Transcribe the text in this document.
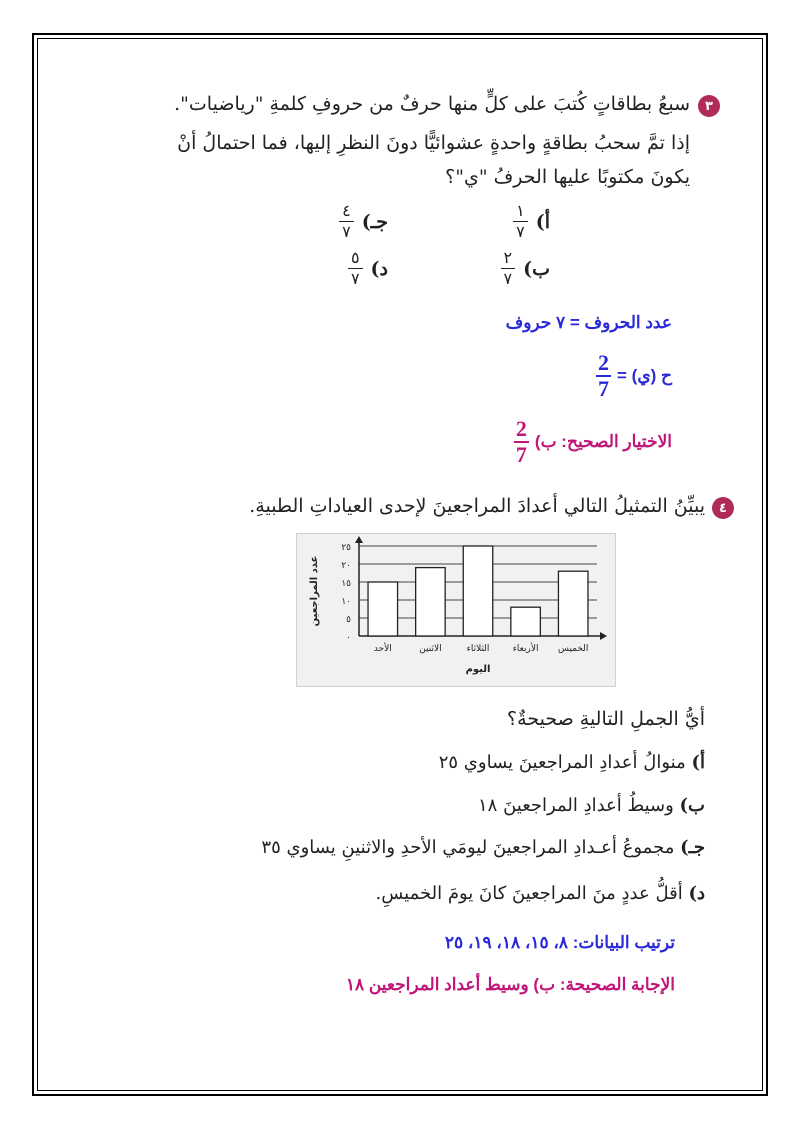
٣
سبعُ بطاقاتٍ كُتبَ على كلٍّ منها حرفٌ من حروفِ كلمةِ "رياضيات".
إذا تمَّ سحبُ بطاقةٍ واحدةٍ عشوائيًّا دونَ النظرِ إليها، فما احتمالُ أنْ
يكونَ مكتوبًا عليها الحرفُ "ي"؟
أ)
$\frac{١}{٧}$
جـ)
$\frac{٤}{٧}$
ب)
$\frac{٢}{٧}$
د)
$\frac{٥}{٧}$
عدد الحروف = ٧ حروف
ح (ي) =
$\frac{2}{7}$
الاختيار الصحيح: ب)
$\frac{2}{7}$
٤
يبيِّنُ التمثيلُ التالي أعدادَ المراجعينَ لإحدى العياداتِ الطبيةِ.
٠
٥
١٠
١٥
٢٠
٢٥
الأحد	الاثنين	الثلاثاء	الأربعاء الخميس
اليوم
عدد المراجعين
أيُّ الجملِ التاليةِ صحيحةٌ؟
أ) منوالُ أعدادِ المراجعينَ يساوي ٢٥
ب) وسيطُ أعدادِ المراجعينَ ١٨
جـ) مجموعُ أعـدادِ المراجعينَ ليومَي الأحدِ والاثنينِ يساوي ٣٥
د) أقلُّ عددٍ منَ المراجعينَ كانَ يومَ الخميسِ.
ترتيب البيانات: ٨، ١٥، ١٨، ١٩، ٢٥
الإجابة الصحيحة: ب) وسيط أعداد المراجعين ١٨
